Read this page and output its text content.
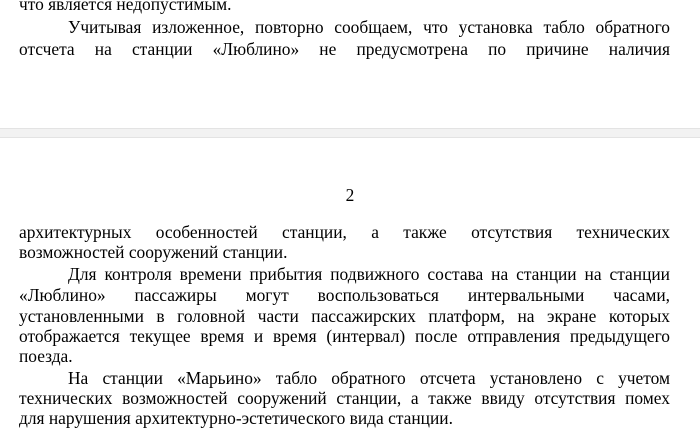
что является недопустимым.
Учитывая изложенное, повторно сообщаем, что установка табло обратного
отсчета на станции «Люблино» не предусмотрена по причине наличия
2
архитектурных особенностей станции, а также отсутствия технических
возможностей сооружений станции.
Для контроля времени прибытия подвижного состава на станции на станции
«Люблино» пассажиры могут воспользоваться интервальными часами,
установленными в головной части пассажирских платформ, на экране которых
отображается текущее время и время (интервал) после отправления предыдущего
поезда.
На станции «Марьино» табло обратного отсчета установлено с учетом
технических возможностей сооружений станции, а также ввиду отсутствия помех
для нарушения архитектурно-эстетического вида станции.
